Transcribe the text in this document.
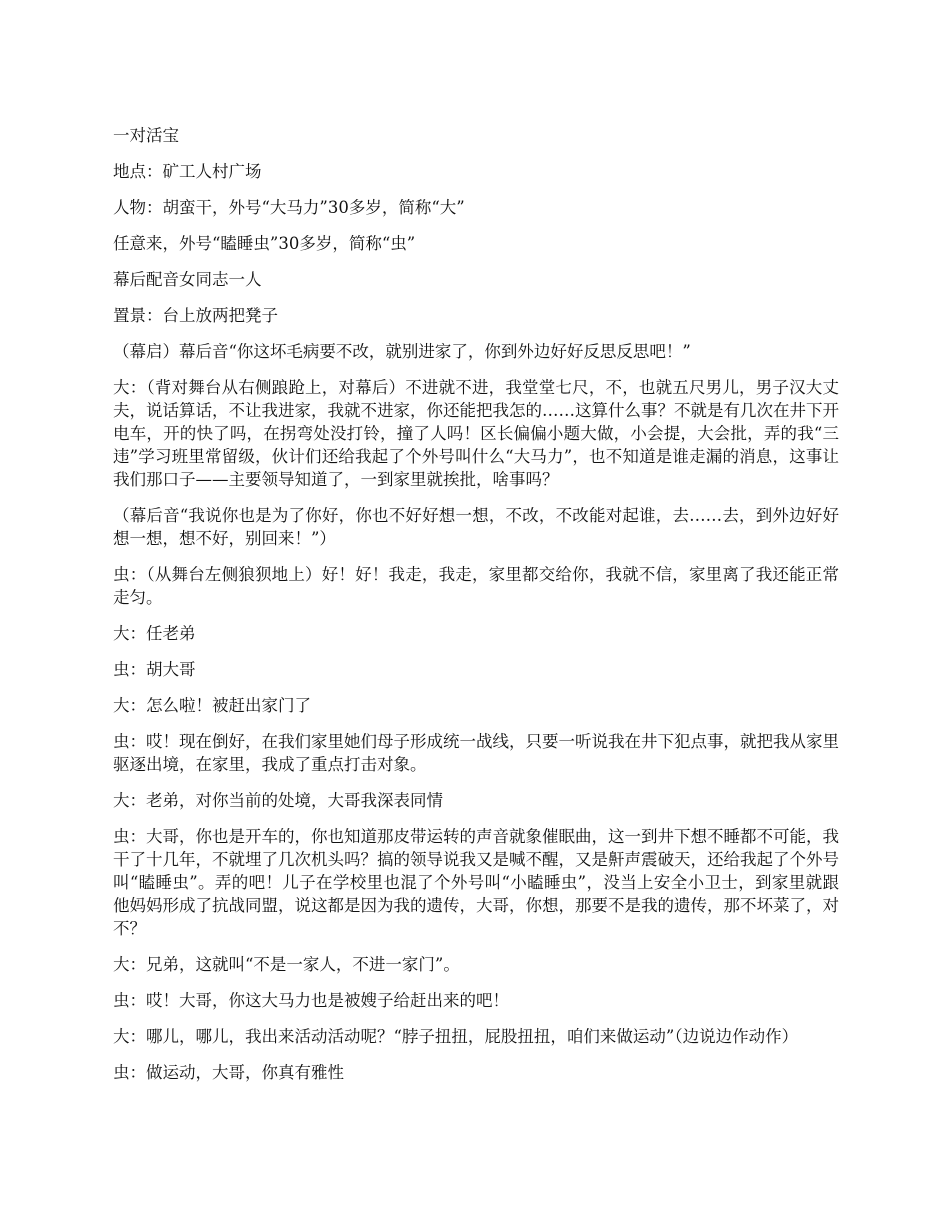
一对活宝

地点：矿工人村广场

人物：胡蛮干，外号“大马力”30多岁，简称“大”

任意来，外号“瞌睡虫”30多岁，简称“虫”

幕后配音女同志一人

置景：台上放两把凳子

（幕启）幕后音“你这坏毛病要不改，就别进家了，你到外边好好反思反思吧！”

大：（背对舞台从右侧踉跄上，对幕后）不进就不进，我堂堂七尺，不，也就五尺男儿，男子汉大丈夫，说话算话，不让我进家，我就不进家，你还能把我怎的……这算什么事？不就是有几次在井下开电车，开的快了吗，在拐弯处没打铃，撞了人吗！区长偏偏小题大做，小会提，大会批，弄的我“三违”学习班里常留级，伙计们还给我起了个外号叫什么“大马力”，也不知道是谁走漏的消息，这事让我们那口子——主要领导知道了，一到家里就挨批，啥事吗？

（幕后音“我说你也是为了你好，你也不好好想一想，不改，不改能对起谁，去……去，到外边好好想一想，想不好，别回来！”）

虫：（从舞台左侧狼狈地上）好！好！我走，我走，家里都交给你，我就不信，家里离了我还能正常走匀。

大：任老弟

虫：胡大哥

大：怎么啦！被赶出家门了

虫：哎！现在倒好，在我们家里她们母子形成统一战线，只要一听说我在井下犯点事，就把我从家里驱逐出境，在家里，我成了重点打击对象。

大：老弟，对你当前的处境，大哥我深表同情

虫：大哥，你也是开车的，你也知道那皮带运转的声音就象催眠曲，这一到井下想不睡都不可能，我干了十几年，不就埋了几次机头吗？搞的领导说我又是喊不醒，又是鼾声震破天，还给我起了个外号叫“瞌睡虫”。弄的吧！儿子在学校里也混了个外号叫“小瞌睡虫”，没当上安全小卫士，到家里就跟他妈妈形成了抗战同盟，说这都是因为我的遗传，大哥，你想，那要不是我的遗传，那不坏菜了，对不？

大：兄弟，这就叫“不是一家人，不进一家门”。

虫：哎！大哥，你这大马力也是被嫂子给赶出来的吧！

大：哪儿，哪儿，我出来活动活动呢？“脖子扭扭，屁股扭扭，咱们来做运动”（边说边作动作）

虫：做运动，大哥，你真有雅性
